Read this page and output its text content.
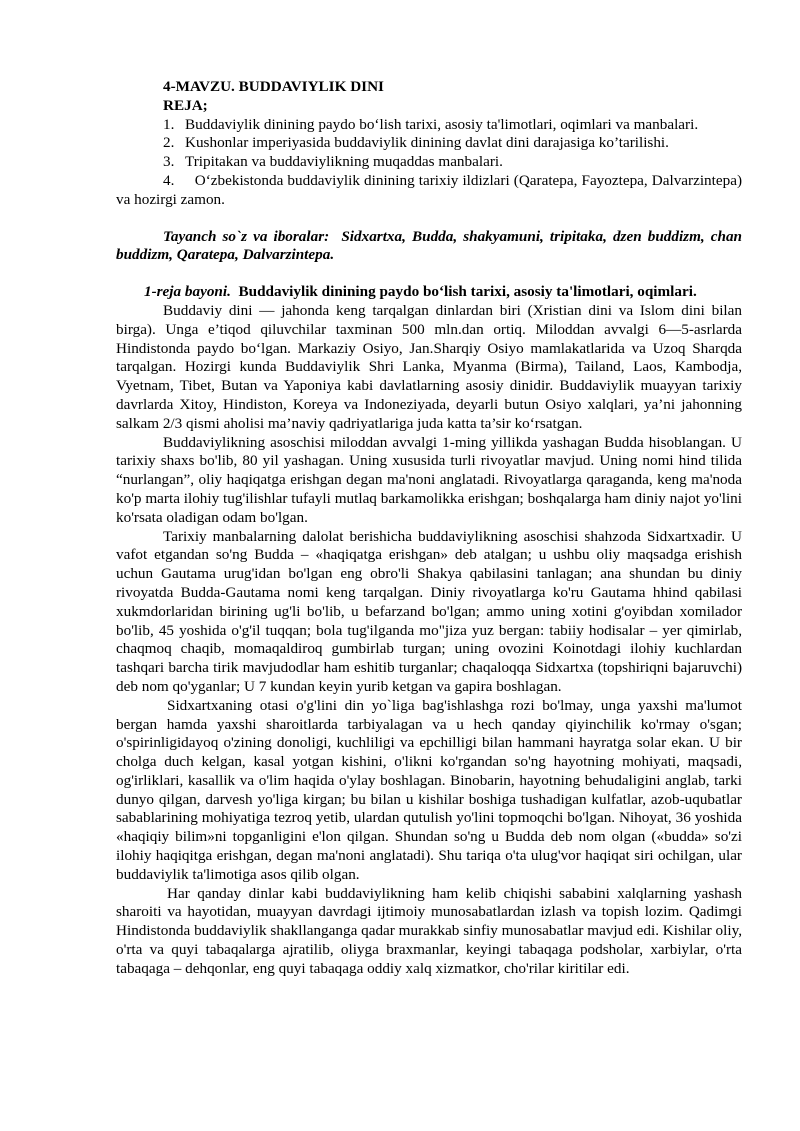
4-MAVZU. BUDDAVIYLIK DINI
REJA;
1. Buddaviylik dinining paydo bo‘lish tarixi, asosiy ta'limotlari, oqimlari va manbalari.
2. Kushonlar imperiyasida buddaviylik dinining davlat dini darajasiga ko’tarilishi.
3. Tripitakan va buddaviylikning muqaddas manbalari.
4. O‘zbekistonda buddaviylik dinining tarixiy ildizlari (Qaratepa, Fayoztepa, Dalvarzintepa) va hozirgi zamon.

Tayanch so`z va iboralar: Sidxartxa, Budda, shakyamuni, tripitaka, dzen buddizm, chan buddizm, Qaratepa, Dalvarzintepa.

1-reja bayoni. Buddaviylik dinining paydo bo‘lish tarixi, asosiy ta'limotlari, oqimlari.

Buddaviy dini — jahonda keng tarqalgan dinlardan biri (Xristian dini va Islom dini bilan birga). Unga e’tiqod qiluvchilar taxminan 500 mln.dan ortiq. Miloddan avvalgi 6—5-asrlarda Hindistonda paydo bo‘lgan. Markaziy Osiyo, Jan.Sharqiy Osiyo mamlakatlarida va Uzoq Sharqda tarqalgan. Hozirgi kunda Buddaviylik Shri Lanka, Myanma (Birma), Tailand, Laos, Kambodja, Vyetnam, Tibet, Butan va Yaponiya kabi davlatlarning asosiy dinidir. Buddaviylik muayyan tarixiy davrlarda Xitoy, Hindiston, Koreya va Indoneziyada, deyarli butun Osiyo xalqlari, ya’ni jahonning salkam 2/3 qismi aholisi ma’naviy qadriyatlariga juda katta ta’sir ko‘rsatgan.

Buddaviylikning asoschisi miloddan avvalgi 1-ming yillikda yashagan Budda hisoblangan. U tarixiy shaxs bo'lib, 80 yil yashagan. Uning xususida turli rivoyatlar mavjud. Uning nomi hind tilida “nurlangan”, oliy haqiqatga erishgan degan ma'noni anglatadi. Rivoyatlarga qaraganda, keng ma'noda ko'p marta ilohiy tug'ilishlar tufayli mutlaq barkamolikka erishgan; boshqalarga ham diniy najot yo'lini ko'rsata oladigan odam bo'lgan.

Tarixiy manbalarning dalolat berishicha buddaviylikning asoschisi shahzoda Sidxartxadir. U vafot etgandan so'ng Budda – «haqiqatga erishgan» deb atalgan; u ushbu oliy maqsadga erishish uchun Gautama urug'idan bo'lgan eng obro'li Shakya qabilasini tanlagan; ana shundan bu diniy rivoyatda Budda-Gautama nomi keng tarqalgan. Diniy rivoyatlarga ko'ru Gautama hhind qabilasi xukmdorlaridan birining ug'li bo'lib, u befarzand bo'lgan; ammo uning xotini g'oyibdan xomilador bo'lib, 45 yoshida o'g'il tuqqan; bola tug'ilganda mo"jiza yuz bergan: tabiiy hodisalar – yer qimirlab, chaqmoq chaqib, momaqaldiroq gumbirlab turgan; uning ovozini Koinotdagi ilohiy kuchlardan tashqari barcha tirik mavjudodlar ham eshitib turganlar; chaqaloqqa Sidxartxa (topshiriqni bajaruvchi) deb nom qo'yganlar; U 7 kundan keyin yurib ketgan va gapira boshlagan.

Sidxartxaning otasi o'g'lini din yo`liga bag'ishlashga rozi bo'lmay, unga yaxshi ma'lumot bergan hamda yaxshi sharoitlarda tarbiyalagan va u hech qanday qiyinchilik ko'rmay o'sgan; o'spirinligidayoq o'zining donoligi, kuchliligi va epchilligi bilan hammani hayratga solar ekan. U bir cholga duch kelgan, kasal yotgan kishini, o'likni ko'rgandan so'ng hayotning mohiyati, maqsadi, og'irliklari, kasallik va o'lim haqida o'ylay boshlagan. Binobarin, hayotning behudaligini anglab, tarki dunyo qilgan, darvesh yo'liga kirgan; bu bilan u kishilar boshiga tushadigan kulfatlar, azob-uqubatlar sabablarining mohiyatiga tezroq yetib, ulardan qutulish yo'lini topmoqchi bo'lgan. Nihoyat, 36 yoshida «haqiqiy bilim»ni topganligini e'lon qilgan. Shundan so'ng u Budda deb nom olgan («budda» so'zi ilohiy haqiqitga erishgan, degan ma'noni anglatadi). Shu tariqa o'ta ulug'vor haqiqat siri ochilgan, ular buddaviylik ta'limotiga asos qilib olgan.

Har qanday dinlar kabi buddaviylikning ham kelib chiqishi sababini xalqlarning yashash sharoiti va hayotidan, muayyan davrdagi ijtimoiy munosabatlardan izlash va topish lozim. Qadimgi Hindistonda buddaviylik shakllanganga qadar murakkab sinfiy munosabatlar mavjud edi. Kishilar oliy, o'rta va quyi tabaqalarga ajratilib, oliyga braxmanlar, keyingi tabaqaga podsholar, xarbiylar, o'rta tabaqaga – dehqonlar, eng quyi tabaqaga oddiy xalq xizmatkor, cho'rilar kiritilar edi.
